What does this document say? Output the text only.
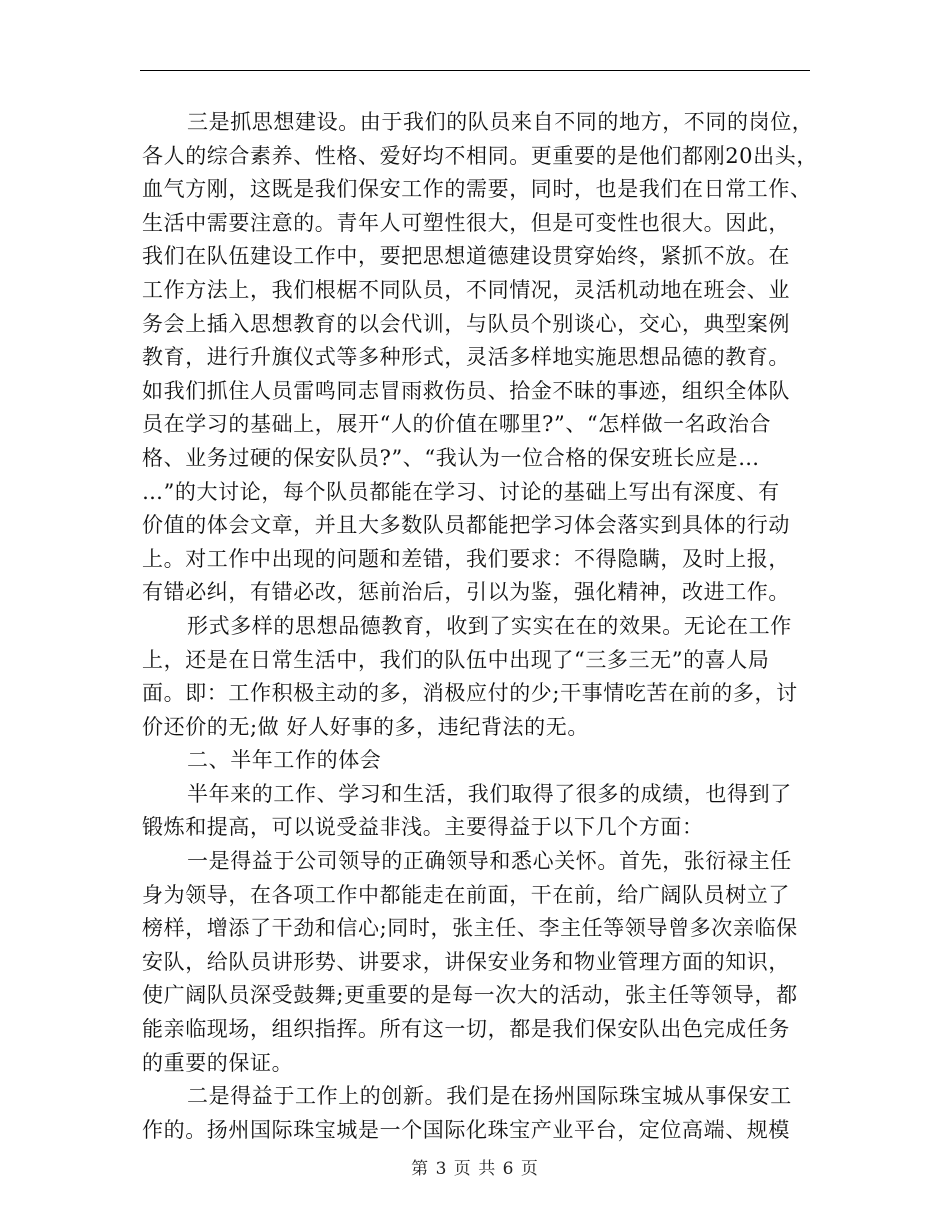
三是抓思想建设。由于我们的队员来自不同的地方，不同的岗位，
各人的综合素养、性格、爱好均不相同。更重要的是他们都刚20出头，
血气方刚，这既是我们保安工作的需要，同时，也是我们在日常工作、
生活中需要注意的。青年人可塑性很大，但是可变性也很大。因此，
我们在队伍建设工作中，要把思想道德建设贯穿始终，紧抓不放。在
工作方法上，我们根椐不同队员，不同情况，灵活机动地在班会、业
务会上插入思想教育的以会代训，与队员个别谈心，交心，典型案例
教育，进行升旗仪式等多种形式，灵活多样地实施思想品德的教育。
如我们抓住人员雷鸣同志冒雨救伤员、拾金不昧的事迹，组织全体队
员在学习的基础上，展开“人的价值在哪里?”、“怎样做一名政治合
格、业务过硬的保安队员?”、“我认为一位合格的保安班长应是…
…”的大讨论，每个队员都能在学习、讨论的基础上写出有深度、有
价值的体会文章，并且大多数队员都能把学习体会落实到具体的行动
上。对工作中出现的问题和差错，我们要求：不得隐瞒，及时上报，
有错必纠，有错必改，惩前治后，引以为鉴，强化精神，改进工作。
形式多样的思想品德教育，收到了实实在在的效果。无论在工作
上，还是在日常生活中，我们的队伍中出现了“三多三无”的喜人局
面。即：工作积极主动的多，消极应付的少;干事情吃苦在前的多，讨
价还价的无;做 好人好事的多，违纪背法的无。
二、半年工作的体会
半年来的工作、学习和生活，我们取得了很多的成绩，也得到了
锻炼和提高，可以说受益非浅。主要得益于以下几个方面：
一是得益于公司领导的正确领导和悉心关怀。首先，张衍禄主任
身为领导，在各项工作中都能走在前面，干在前，给广阔队员树立了
榜样，增添了干劲和信心;同时，张主任、李主任等领导曾多次亲临保
安队，给队员讲形势、讲要求，讲保安业务和物业管理方面的知识，
使广阔队员深受鼓舞;更重要的是每一次大的活动，张主任等领导，都
能亲临现场，组织指挥。所有这一切，都是我们保安队出色完成任务
的重要的保证。
二是得益于工作上的创新。我们是在扬州国际珠宝城从事保安工
作的。扬州国际珠宝城是一个国际化珠宝产业平台，定位高端、规模
第 3 页 共 6 页
